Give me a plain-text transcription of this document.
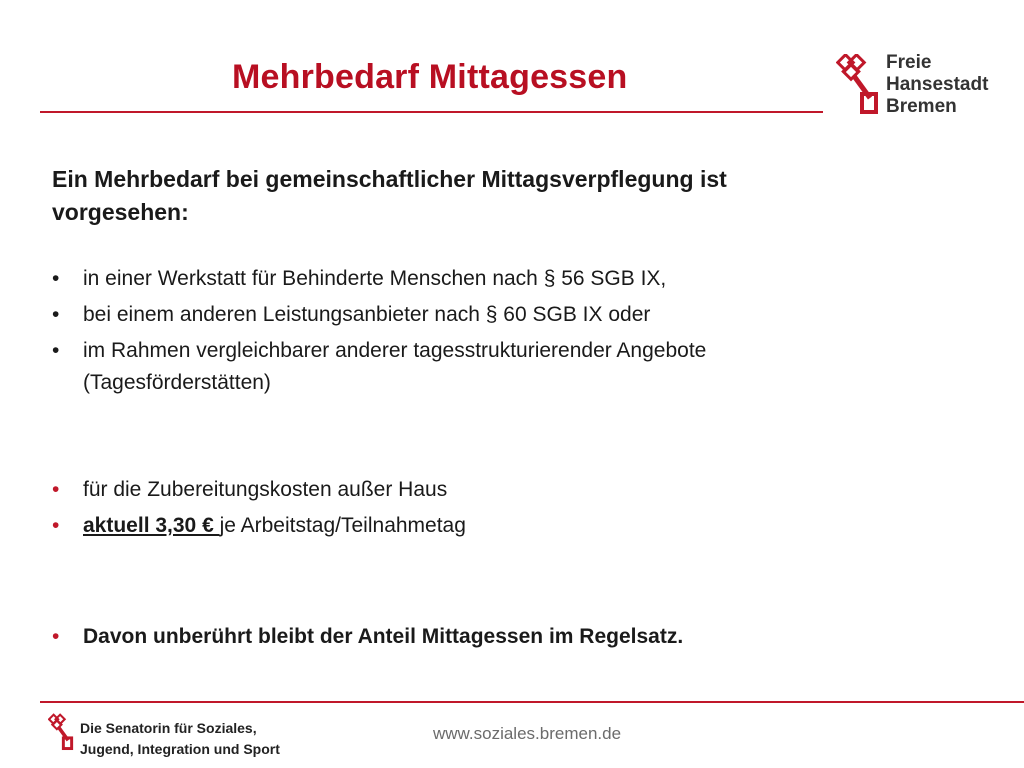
Mehrbedarf Mittagessen	Freie
Hansestadt
Bremen
Ein Mehrbedarf bei gemeinschaftlicher Mittagsverpflegung ist vorgesehen:
• in einer Werkstatt für Behinderte Menschen nach § 56 SGB IX,
• bei einem anderen Leistungsanbieter nach § 60 SGB IX oder
• im Rahmen vergleichbarer anderer tagesstrukturierender Angebote
(Tagesförderstätten)
• für die Zubereitungskosten außer Haus
• aktuell 3,30 € je Arbeitstag/Teilnahmetag
• Davon unberührt bleibt der Anteil Mittagessen im Regelsatz.
Die Senatorin für Soziales,
Jugend, Integration und Sport
www.soziales.bremen.de
